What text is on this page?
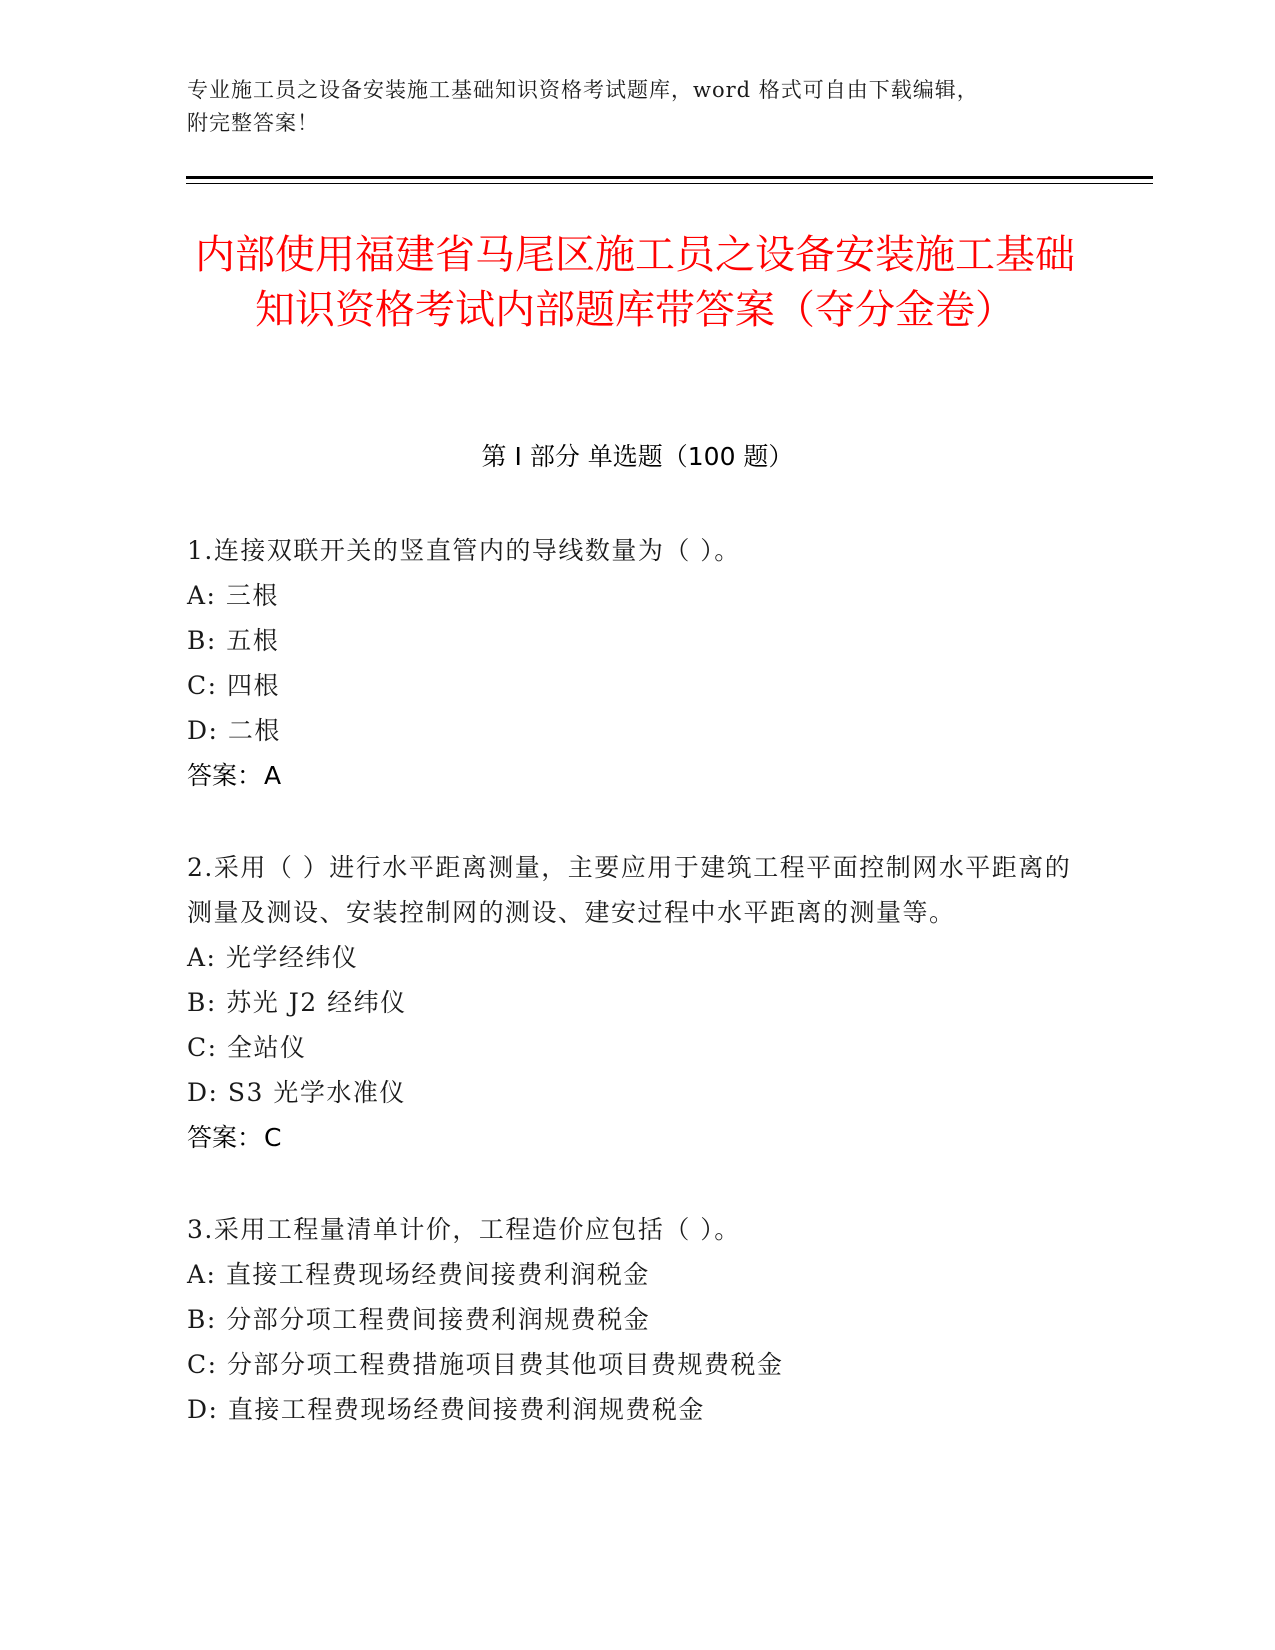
专业施工员之设备安装施工基础知识资格考试题库，word 格式可自由下载编辑，
附完整答案！
内部使用福建省马尾区施工员之设备安装施工基础知识资格考试内部题库带答案（夺分金卷）
第 I 部分 单选题（100 题）
1.连接双联开关的竖直管内的导线数量为（ ）。
A: 三根
B: 五根
C: 四根
D: 二根
答案：A
2.采用（ ）进行水平距离测量，主要应用于建筑工程平面控制网水平距离的测量及测设、安装控制网的测设、建安过程中水平距离的测量等。
A: 光学经纬仪
B: 苏光 J2 经纬仪
C: 全站仪
D: S3 光学水准仪
答案：C
3.采用工程量清单计价，工程造价应包括（ ）。
A: 直接工程费现场经费间接费利润税金
B: 分部分项工程费间接费利润规费税金
C: 分部分项工程费措施项目费其他项目费规费税金
D: 直接工程费现场经费间接费利润规费税金
